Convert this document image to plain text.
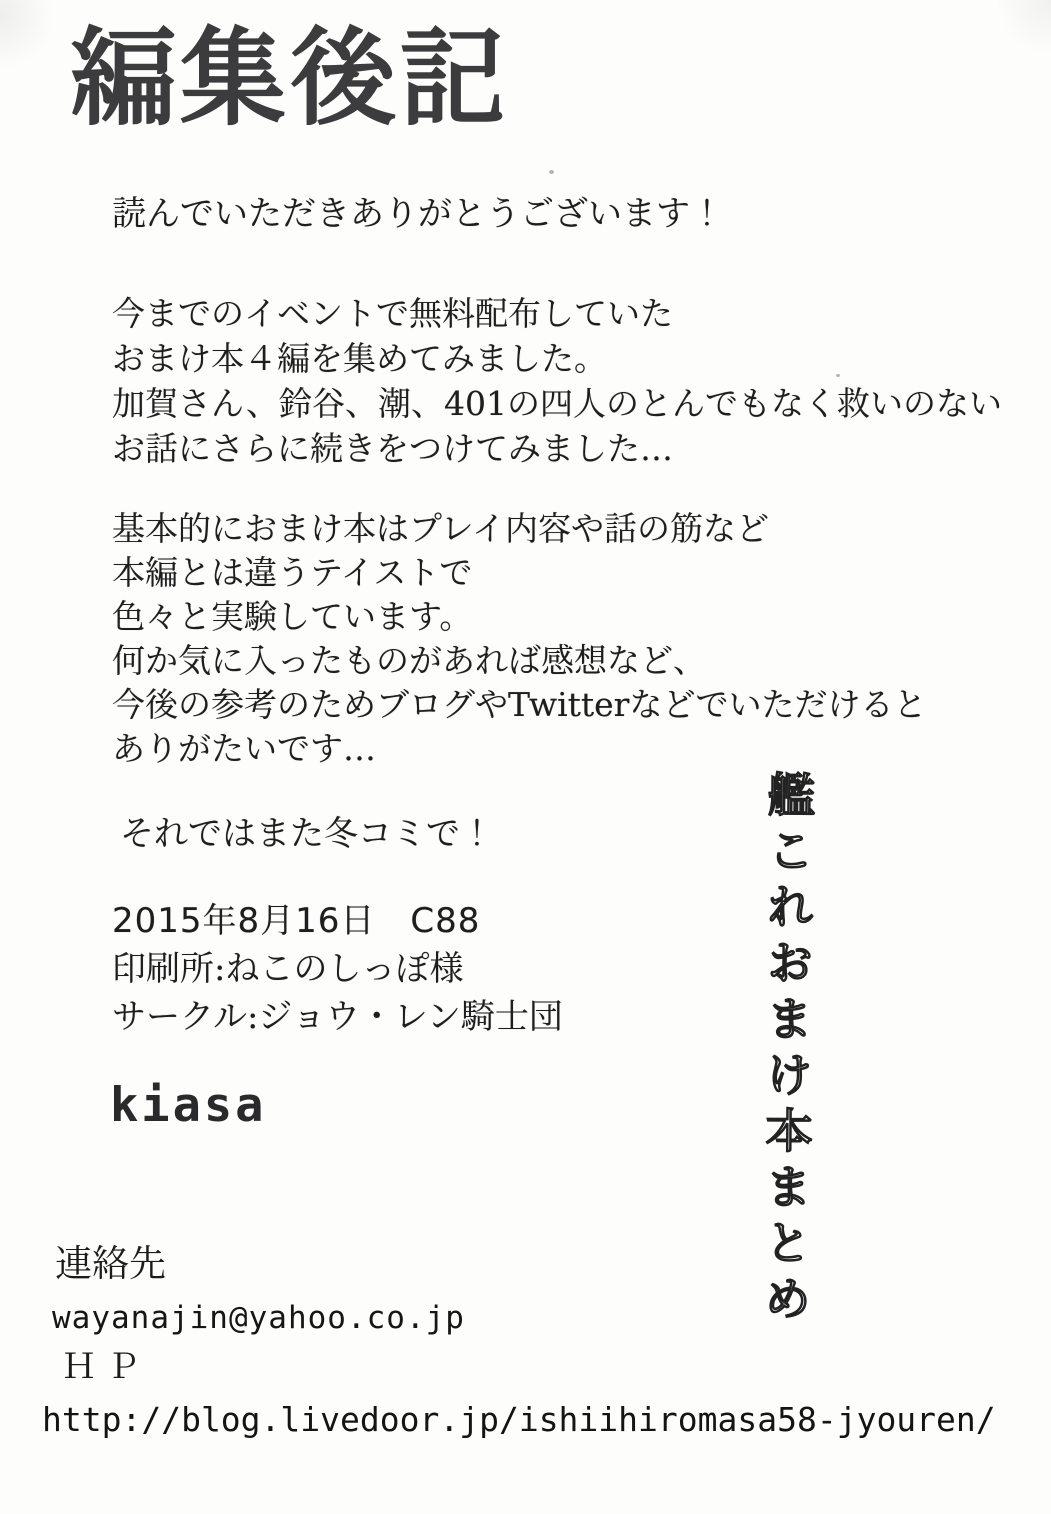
編集後記
読んでいただきありがとうございます！
今までのイベントで無料配布していた
おまけ本４編を集めてみました。
加賀さん、鈴谷、潮、401の四人のとんでもなく救いのない
お話にさらに続きをつけてみました…
基本的におまけ本はプレイ内容や話の筋など
本編とは違うテイストで
色々と実験しています。
何か気に入ったものがあれば感想など、
今後の参考のためブログやTwitterなどでいただけると
ありがたいです…
それではまた冬コミで！
2015年8月16日　C88
印刷所:ねこのしっぽ様
サークル:ジョウ・レン騎士団
kiasa
連絡先
wayanajin@yahoo.co.jp
ＨＰ
http://blog.livedoor.jp/ishiihiromasa58-jyouren/
艦これおまけ本まとめ
